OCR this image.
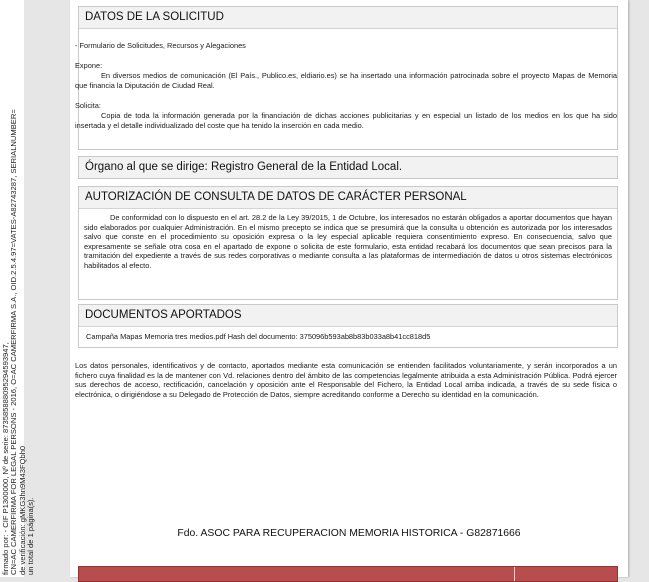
firmado por: - CIF P1300000, Nº de serie: 873585888095294593947, CN=AC CAMERFIRMA FOR LEGAL PERSONS - 2016, O=AC CAMERFIRMA S.A., OID.2.5.4.97=VATES-A82743287, SERIALNUMBER= de verificación: gMKG3hn9M43FQbh0 un total de 1 página(s).
DATOS DE LA SOLICITUD
- Formulario de Solicitudes, Recursos y Alegaciones
Expone:
En diversos medios de comunicación (El País., Publico.es, eldiario.es) se ha insertado una información patrocinada sobre el proyecto Mapas de Memoria que financia la Diputación de Ciudad Real.
Solicita:
Copia de toda la información generada por la financiación de dichas acciones publicitarias y en especial un listado de los medios en los que ha sido insertada y el detalle individualizado del coste que ha tenido la inserción en cada medio.
Órgano al que se dirige: Registro General de la Entidad Local.
AUTORIZACIÓN DE CONSULTA DE DATOS DE CARÁCTER PERSONAL
De conformidad con lo dispuesto en el art. 28.2 de la Ley 39/2015, 1 de Octubre, los interesados no estarán obligados a aportar documentos que hayan sido elaborados por cualquier Administración. En el mismo precepto se indica que se presumirá que la consulta u obtención es autorizada por los interesados salvo que conste en el procedimiento su oposición expresa o la ley especial aplicable requiera consentimiento expreso. En consecuencia, salvo que expresamente se señale otra cosa en el apartado de expone o solicita de este formulario, esta entidad recabará los documentos que sean precisos para la tramitación del expediente a través de sus redes corporativas o mediante consulta a las plataformas de intermediación de datos u otros sistemas electrónicos habilitados al efecto.
DOCUMENTOS APORTADOS
Campaña Mapas Memoria tres medios.pdf Hash del documento: 375096b593ab8b83b033a8b41cc818d5
Los datos personales, identificativos y de contacto, aportados mediante esta comunicación se entienden facilitados voluntariamente, y serán incorporados a un fichero cuya finalidad es la de mantener con Vd. relaciones dentro del ámbito de las competencias legalmente atribuida a esta Administración Pública. Podrá ejercer sus derechos de acceso, rectificación, cancelación y oposición ante el Responsable del Fichero, la Entidad Local arriba indicada, a través de su sede física o electrónica, o dirigiéndose a su Delegado de Protección de Datos, siempre acreditando conforme a Derecho su identidad en la comunicación.
Fdo. ASOC PARA RECUPERACION MEMORIA HISTORICA - G82871666
